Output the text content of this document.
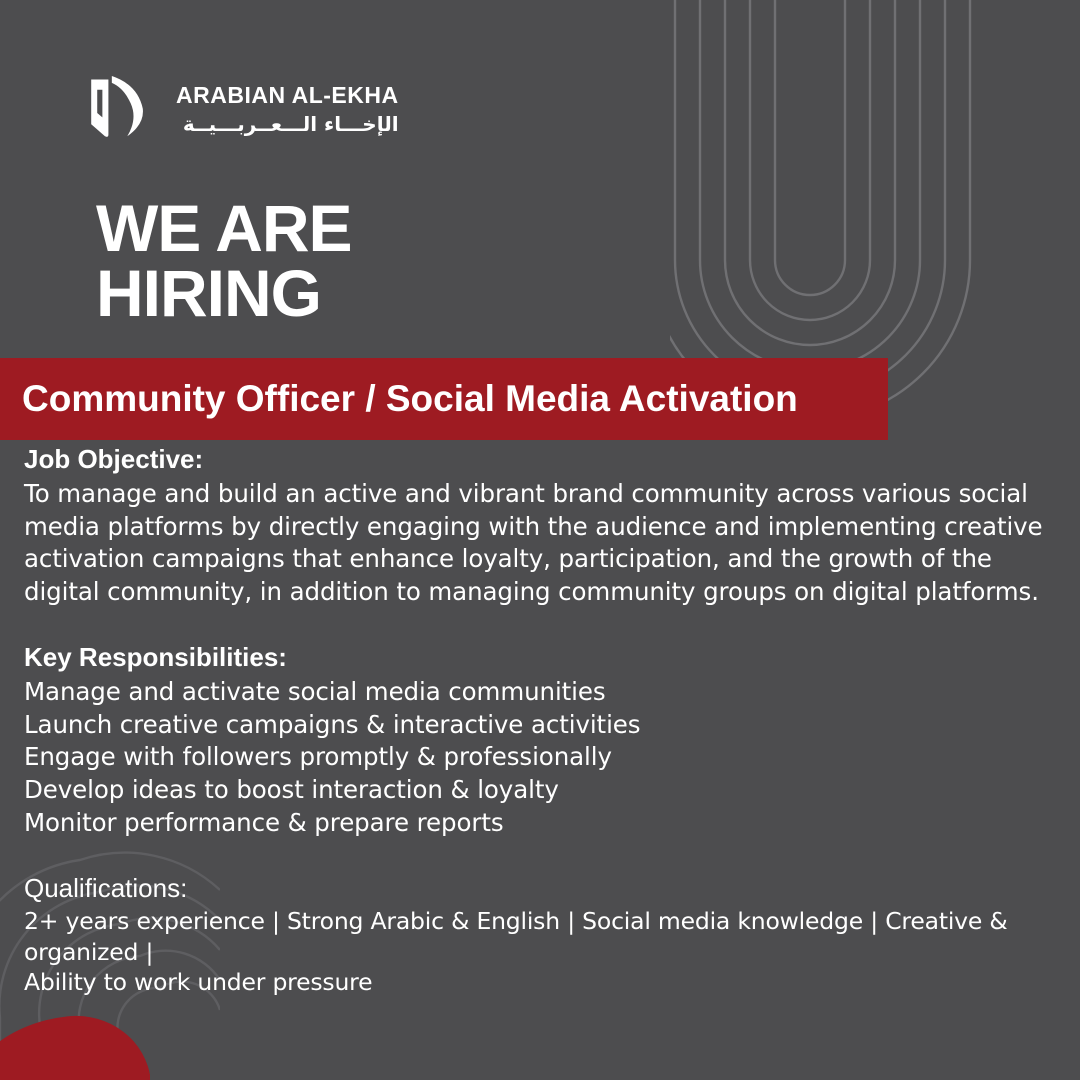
ARABIAN AL-EKHA
الإخـــاء الـــعــربـــيــة
WE ARE
HIRING
Community Officer / Social Media Activation
Job Objective:
To manage and build an active and vibrant brand community across various social media platforms by directly engaging with the audience and implementing creative activation campaigns that enhance loyalty, participation, and the growth of the digital community, in addition to managing community groups on digital platforms.
Key Responsibilities:
Manage and activate social media communities
Launch creative campaigns & interactive activities
Engage with followers promptly & professionally
Develop ideas to boost interaction & loyalty
Monitor performance & prepare reports
Qualifications:
2+ years experience | Strong Arabic & English | Social media knowledge | Creative & organized |
Ability to work under pressure
